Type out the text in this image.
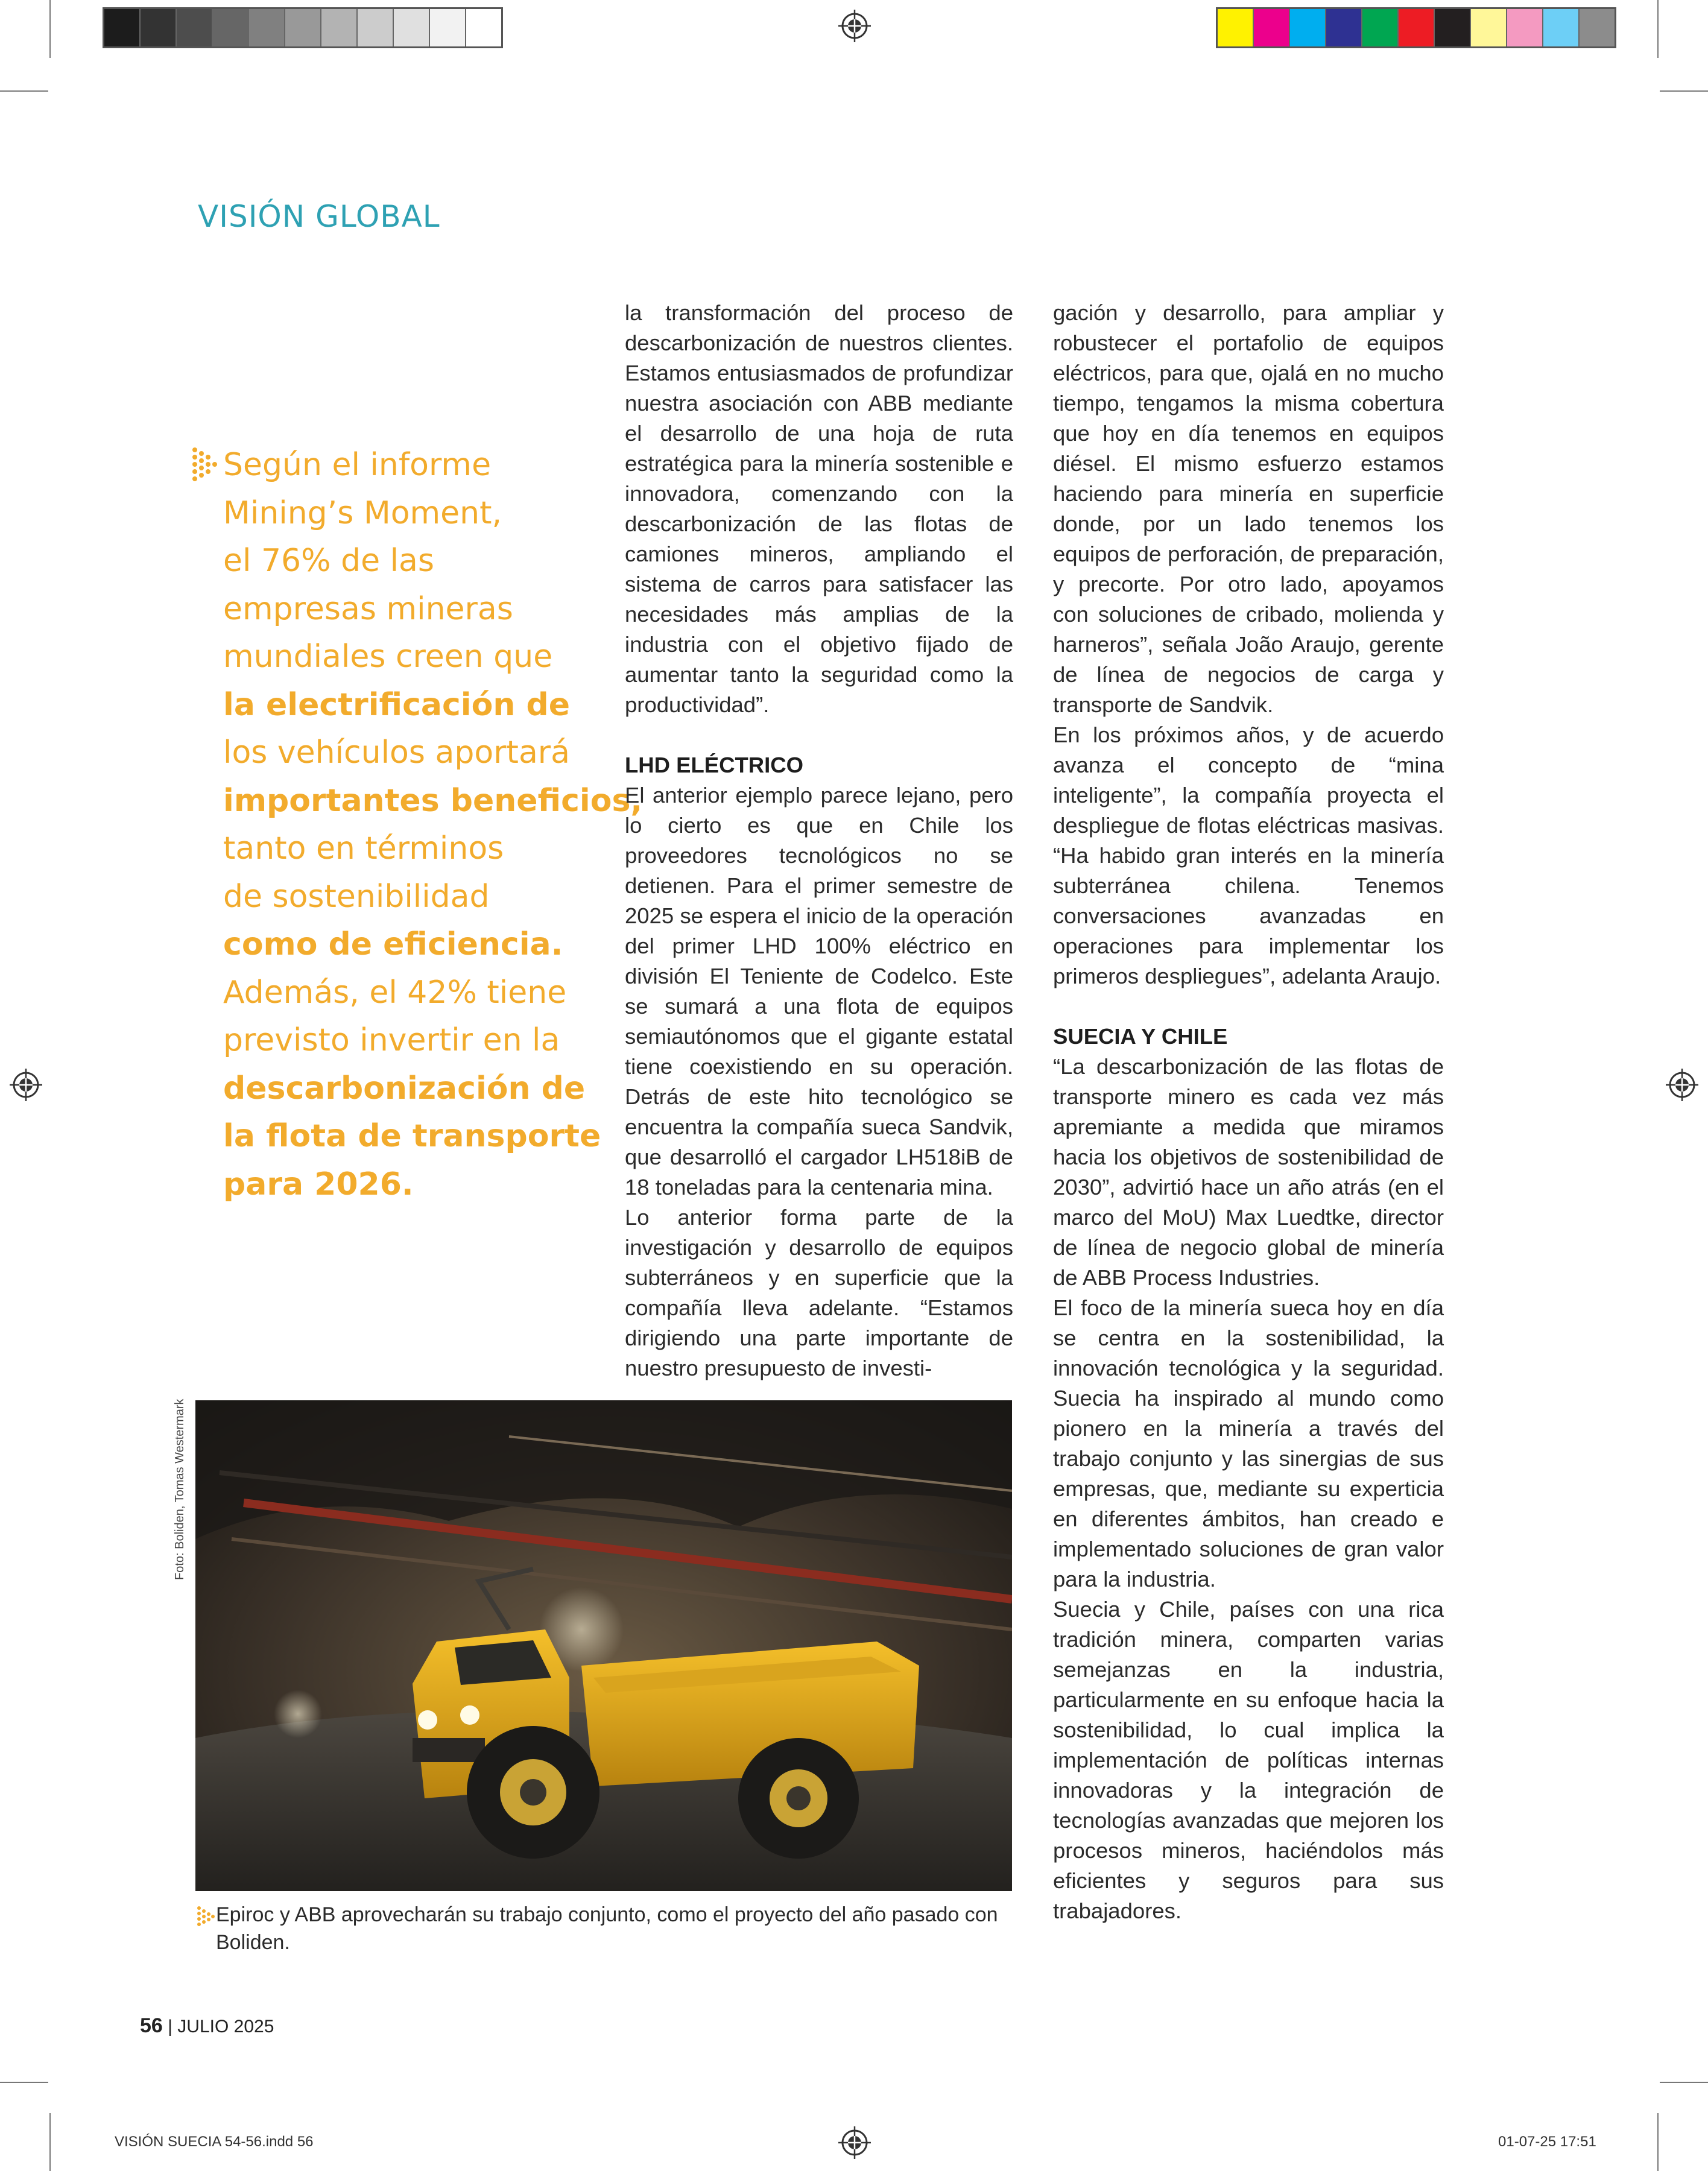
VISIÓN GLOBAL
Según el informe
Mining’s Moment,
el 76% de las
empresas mineras
mundiales creen que
la electrificación de
los vehículos aportará
importantes beneficios,
tanto en términos
de sostenibilidad
como de eficiencia.
Además, el 42% tiene
previsto invertir en la
descarbonización de
la flota de transporte
para 2026.

la transformación del proceso de descarbonización de nuestros clientes. Estamos entusiasmados de profundizar nuestra asociación con ABB mediante el desarrollo de una hoja de ruta estratégica para la minería sostenible e innovadora, comenzando con la descarbonización de las flotas de camiones mineros, ampliando el sistema de carros para satisfacer las necesidades más amplias de la industria con el objetivo fijado de aumentar tanto la seguridad como la productividad”.

LHD ELÉCTRICO

El anterior ejemplo parece lejano, pero lo cierto es que en Chile los proveedores tecnológicos no se detienen. Para el primer semestre de 2025 se espera el inicio de la operación del primer LHD 100% eléctrico en división El Teniente de Codelco. Este se sumará a una flota de equipos semiautónomos que el gigante estatal tiene coexistiendo en su operación. Detrás de este hito tecnológico se encuentra la compañía sueca Sandvik, que desarrolló el cargador LH518iB de 18 toneladas para la centenaria mina.

Lo anterior forma parte de la investigación y desarrollo de equipos subterráneos y en superficie que la compañía lleva adelante. “Estamos dirigiendo una parte importante de nuestro presupuesto de investi-

gación y desarrollo, para ampliar y robustecer el portafolio de equipos eléctricos, para que, ojalá en no mucho tiempo, tengamos la misma cobertura que hoy en día tenemos en equipos diésel. El mismo esfuerzo estamos haciendo para minería en superficie donde, por un lado tenemos los equipos de perforación, de preparación, y precorte. Por otro lado, apoyamos con soluciones de cribado, molienda y harneros”, señala João Araujo, gerente de línea de negocios de carga y transporte de Sandvik.

En los próximos años, y de acuerdo avanza el concepto de “mina inteligente”, la compañía proyecta el despliegue de flotas eléctricas masivas. “Ha habido gran interés en la minería subterránea chilena. Tenemos conversaciones avanzadas en operaciones para implementar los primeros despliegues”, adelanta Araujo.

SUECIA Y CHILE

“La descarbonización de las flotas de transporte minero es cada vez más apremiante a medida que miramos hacia los objetivos de sostenibilidad de 2030”, advirtió hace un año atrás (en el marco del MoU) Max Luedtke, director de línea de negocio global de minería de ABB Process Industries.

El foco de la minería sueca hoy en día se centra en la sostenibilidad, la innovación tecnológica y la seguridad. Suecia ha inspirado al mundo como pionero en la minería a través del trabajo conjunto y las sinergias de sus empresas, que, mediante su experticia en diferentes ámbitos, han creado e implementado soluciones de gran valor para la industria.

Suecia y Chile, países con una rica tradición minera, comparten varias semejanzas en la industria, particularmente en su enfoque hacia la sostenibilidad, lo cual implica la implementación de políticas internas innovadoras y la integración de tecnologías avanzadas que mejoren los procesos mineros, haciéndolos más eficientes y seguros para sus trabajadores.

Foto: Boliden, Tomas Westermark
Epiroc y ABB aprovecharán su trabajo conjunto, como el proyecto del año pasado con Boliden.
56 | JULIO 2025
VISIÓN SUECIA 54-56.indd 56	01-07-25 17:51
